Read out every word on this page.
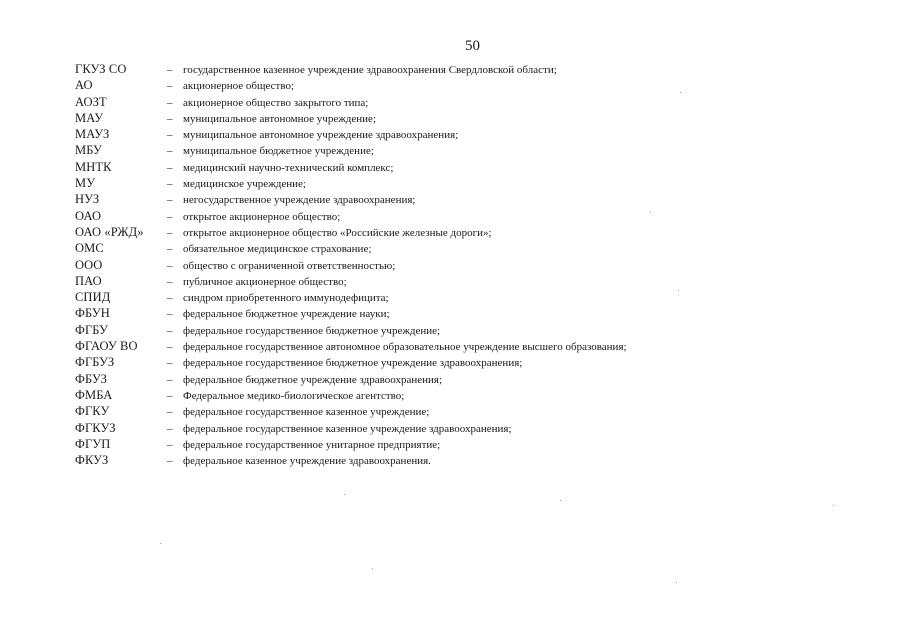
50
ГКУЗ СО	– государственное казенное учреждение здравоохранения Свердловской области;
АО	– акционерное общество;
АОЗТ	– акционерное общество закрытого типа;
МАУ	– муниципальное автономное учреждение;
МАУЗ	– муниципальное автономное учреждение здравоохранения;
МБУ	– муниципальное бюджетное учреждение;
МНТК	– медицинский научно-технический комплекс;
МУ	– медицинское учреждение;
НУЗ	– негосударственное учреждение здравоохранения;
ОАО	– открытое акционерное общество;
ОАО «РЖД»	– открытое акционерное общество «Российские железные дороги»;
ОМС	– обязательное медицинское страхование;
ООО	– общество с ограниченной ответственностью;
ПАО	– публичное акционерное общество;
СПИД	– синдром приобретенного иммунодефицита;
ФБУН	– федеральное бюджетное учреждение науки;
ФГБУ	– федеральное государственное бюджетное учреждение;
ФГАОУ ВО	– федеральное государственное автономное образовательное учреждение высшего образования;
ФГБУЗ	– федеральное государственное бюджетное учреждение здравоохранения;
ФБУЗ	– федеральное бюджетное учреждение здравоохранения;
ФМБА	– Федеральное медико-биологическое агентство;
ФГКУ	– федеральное государственное казенное учреждение;
ФГКУЗ	– федеральное государственное казенное учреждение здравоохранения;
ФГУП	– федеральное государственное унитарное предприятие;
ФКУЗ	– федеральное казенное учреждение здравоохранения.
